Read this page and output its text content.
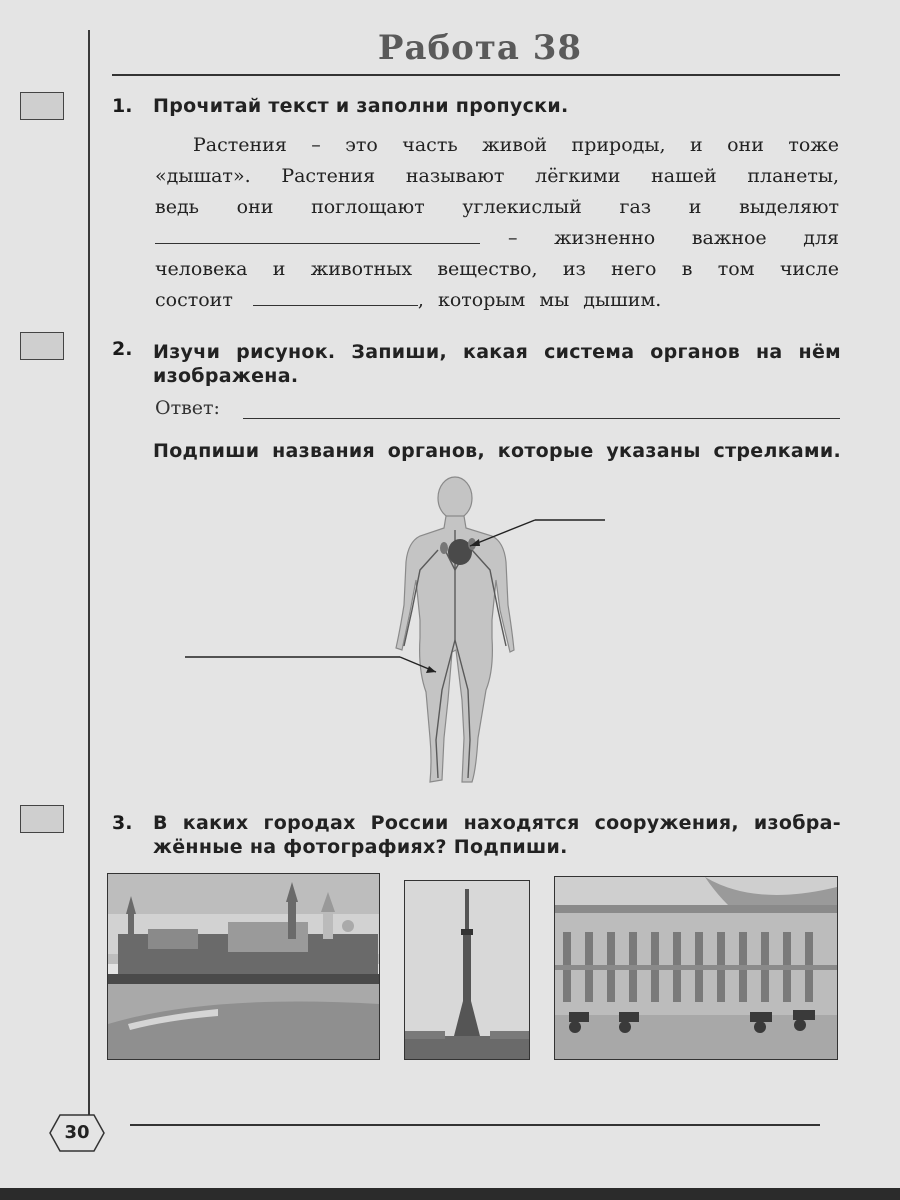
Работа 38
1. Прочитай текст и заполни пропуски.
Растения – это часть живой природы, и они тоже
«дышат». Растения называют лёгкими нашей планеты,
ведь они поглощают углекислый газ и выделяют
– жизненно важное для
человека и животных вещество, из него в том числе
состоит	, которым мы дышим.
2. Изучи рисунок. Запиши, какая система органов на нём
изображена.
Ответ:
Подпиши названия органов, которые указаны стрелками.
3. В каких городах России находятся сооружения, изобра-
жённые на фотографиях? Подпиши.
30
